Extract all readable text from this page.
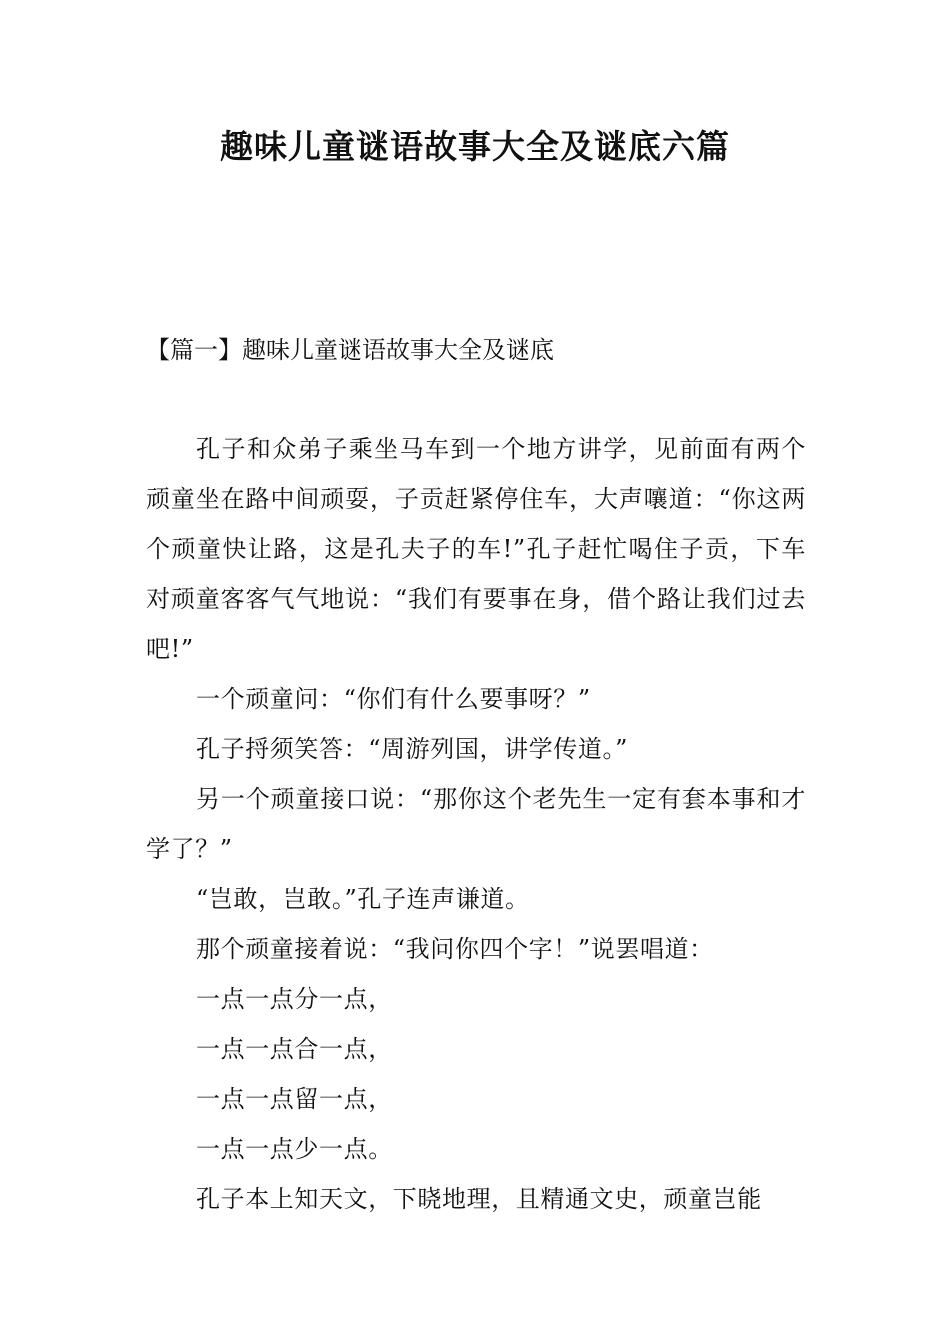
趣味儿童谜语故事大全及谜底六篇

【篇一】趣味儿童谜语故事大全及谜底

孔子和众弟子乘坐马车到一个地方讲学，见前面有两个顽童坐在路中间顽耍，子贡赶紧停住车，大声嚷道：“你这两个顽童快让路，这是孔夫子的车!”孔子赶忙喝住子贡，下车对顽童客客气气地说：“我们有要事在身，借个路让我们过去吧!”

一个顽童问：“你们有什么要事呀？”

孔子捋须笑答：“周游列国，讲学传道。”

另一个顽童接口说：“那你这个老先生一定有套本事和才学了？”

“岂敢，岂敢。”孔子连声谦道。

那个顽童接着说：“我问你四个字！”说罢唱道：

一点一点分一点，

一点一点合一点，

一点一点留一点，

一点一点少一点。

孔子本上知天文，下晓地理，且精通文史，顽童岂能
